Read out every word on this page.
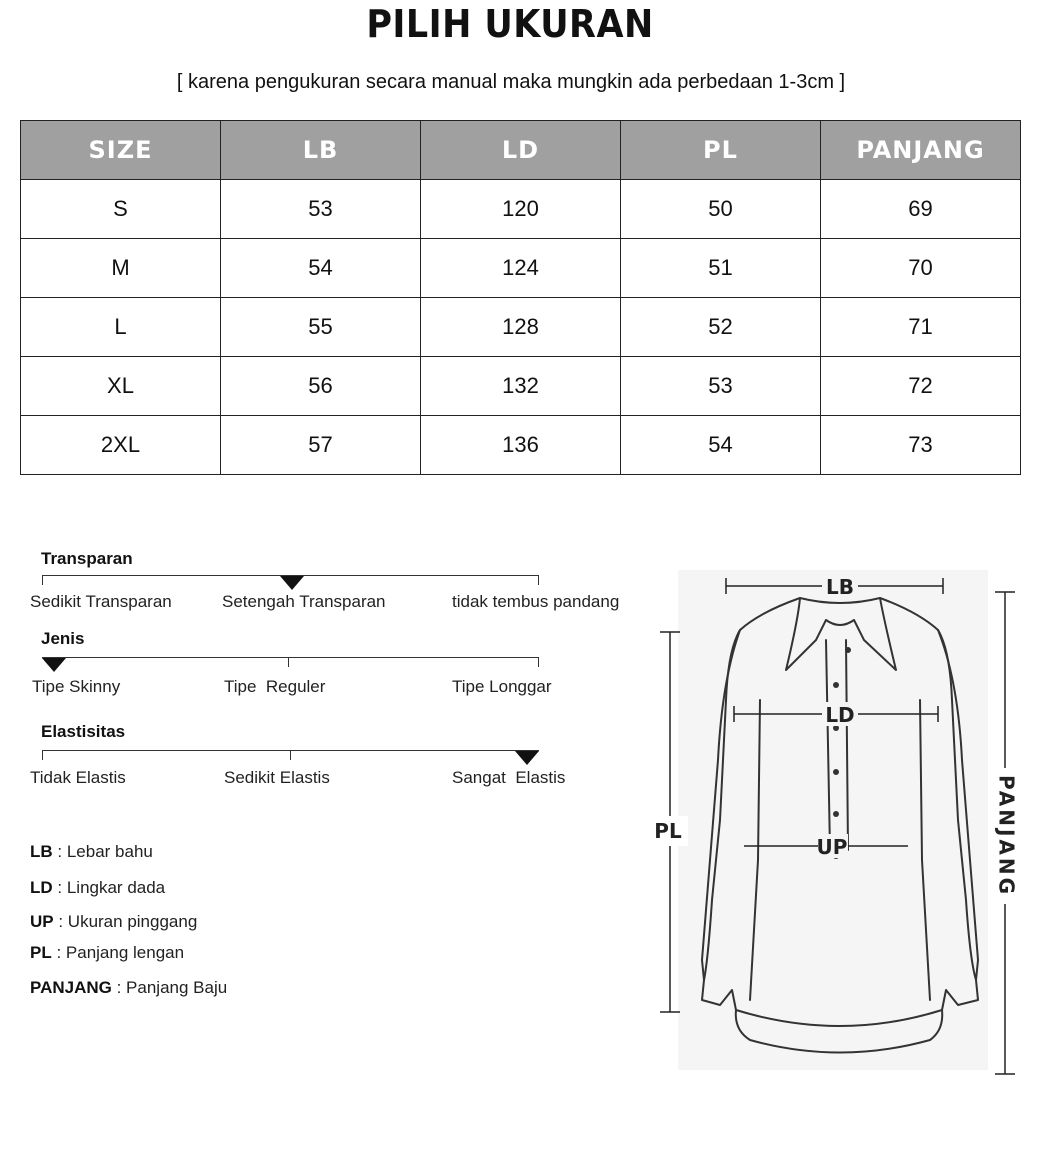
PILIH UKURAN
[ karena pengukuran secara manual maka mungkin ada perbedaan 1-3cm ]
SIZE	LB	LD	PL	PANJANG
S	53	120	50	69
M	54	124	51	70
L	55	128	52	71
XL	56	132	53	72
2XL	57	136	54	73
Transparan
Sedikit Transparan	Setengah Transparan	tidak tembus pandang
Jenis
Tipe Skinny	Tipe  Reguler	Tipe Longgar
Elastisitas
Tidak Elastis	Sedikit Elastis	Sangat  Elastis
LB : Lebar bahu
LD : Lingkar dada
UP : Ukuran pinggang
PL : Panjang lengan
PANJANG : Panjang Baju
LB
LD
UP
PL	PANJANG
